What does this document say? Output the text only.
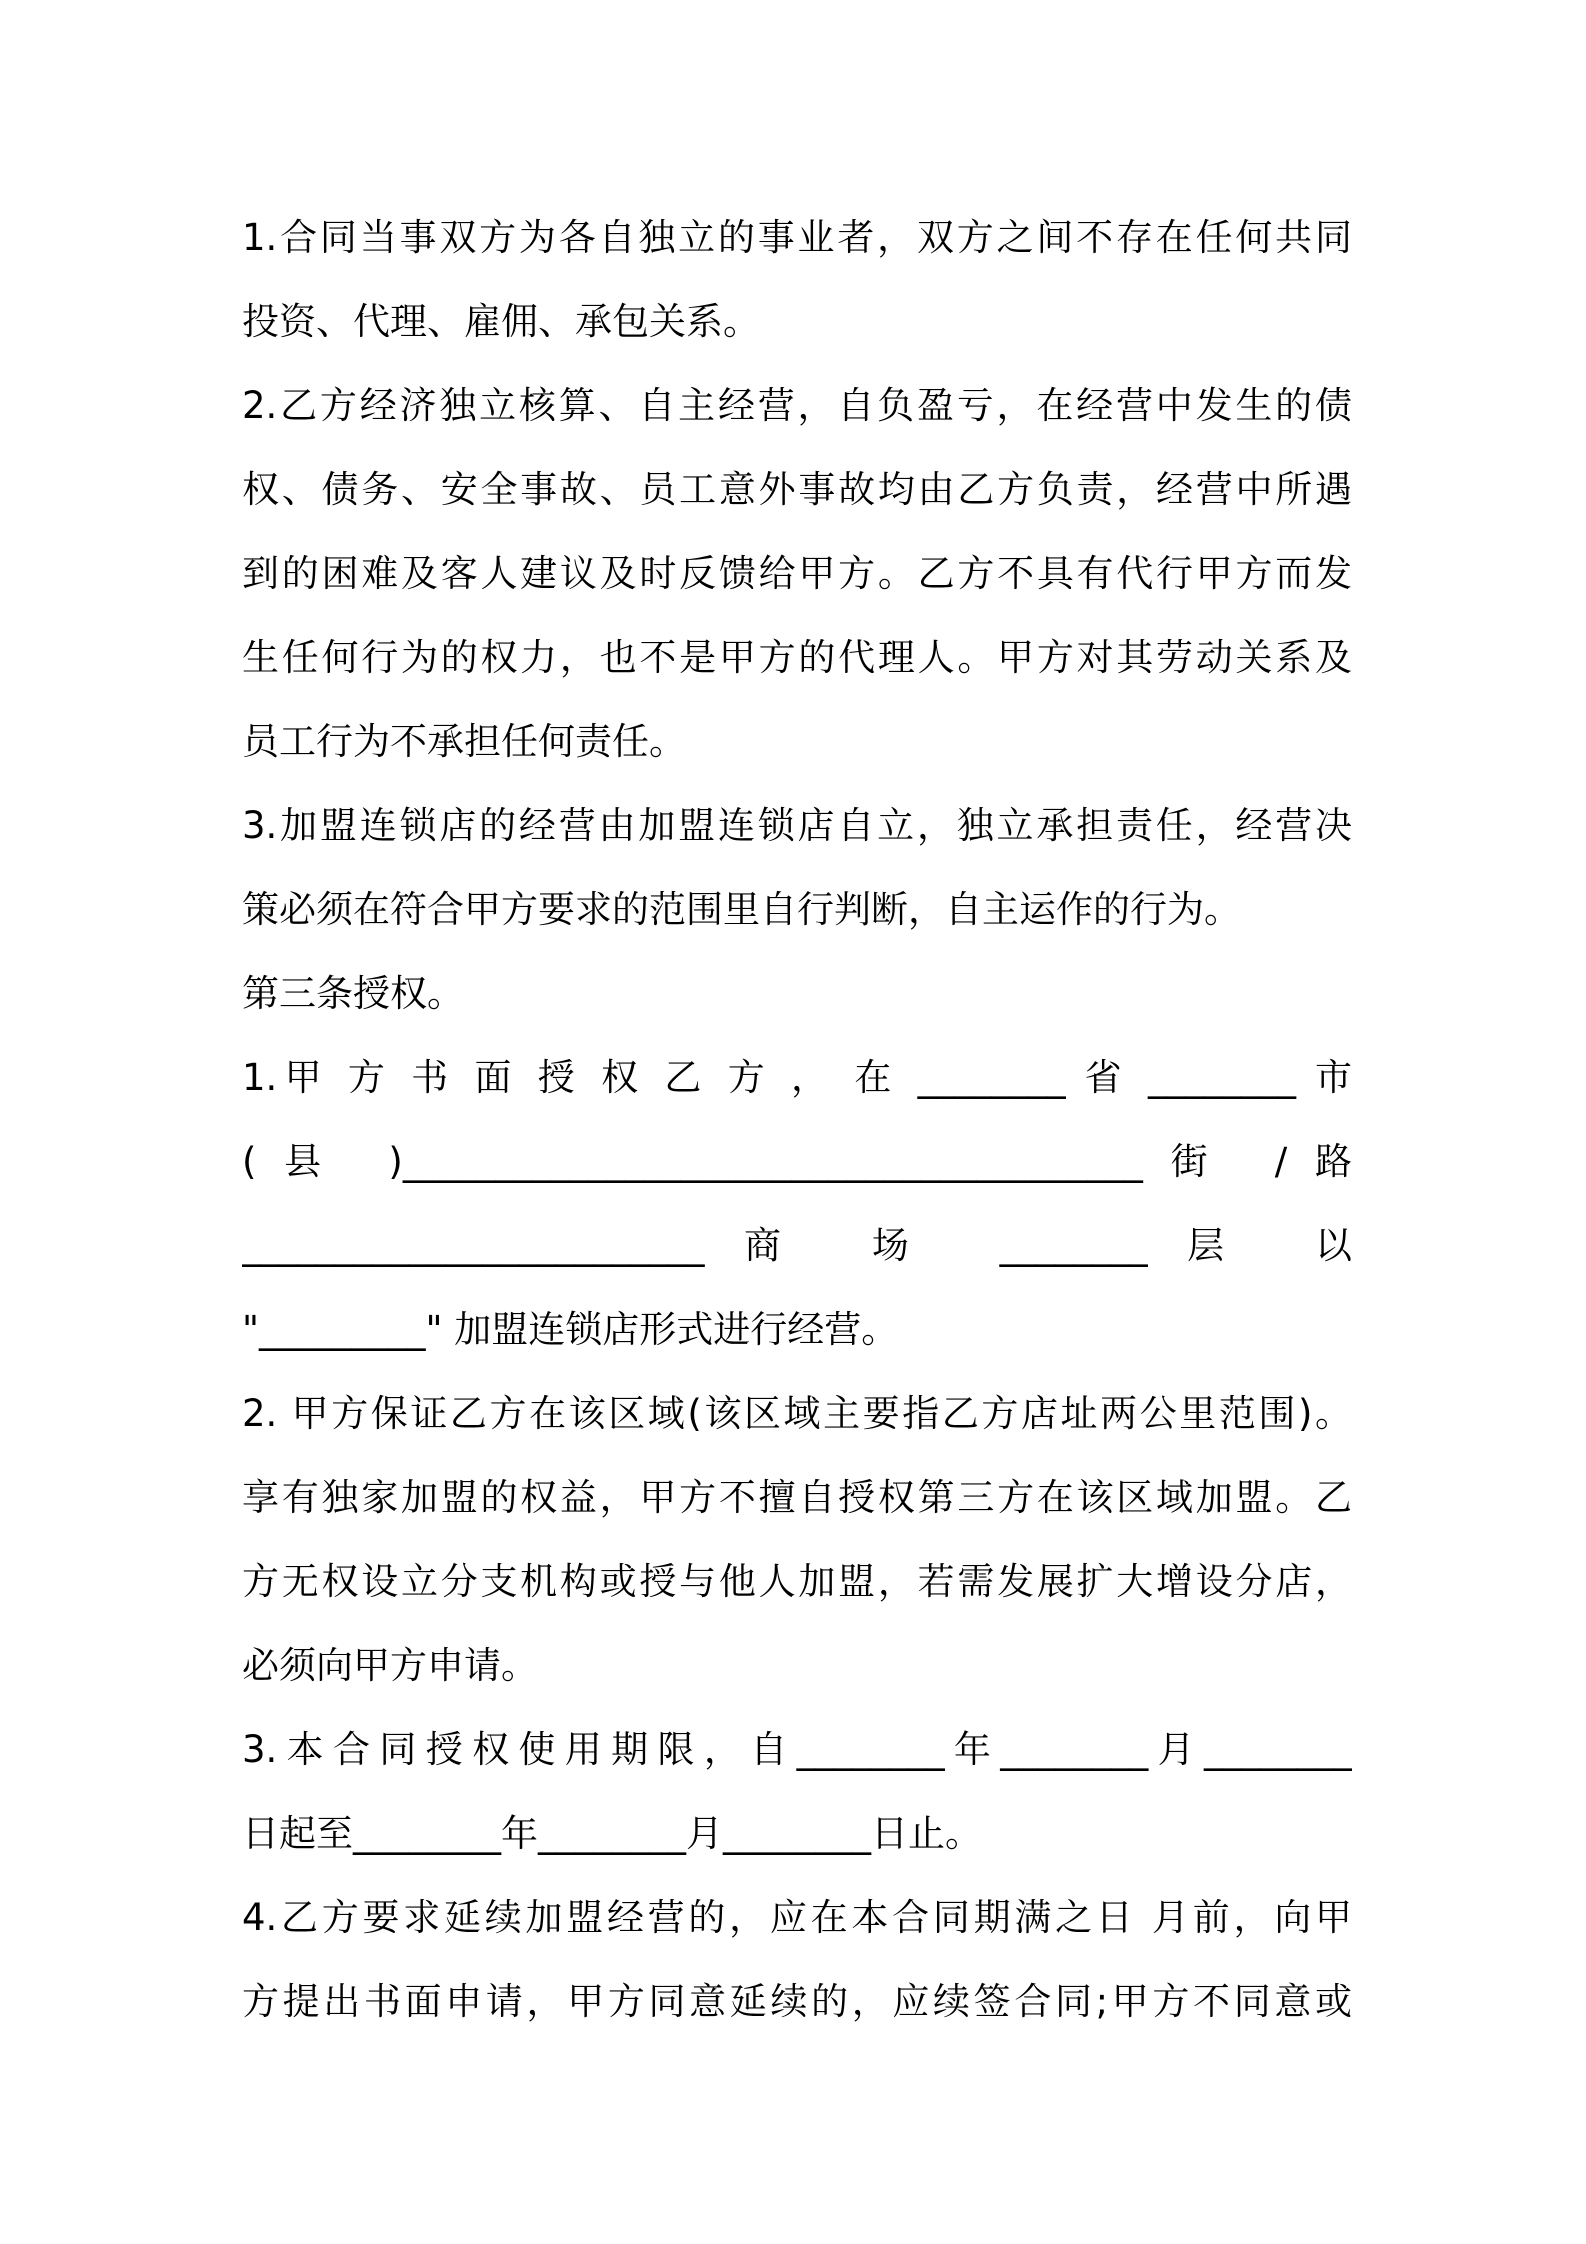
1.合同当事双方为各自独立的事业者，双方之间不存在任何共同
投资、代理、雇佣、承包关系。
2.乙方经济独立核算、自主经营，自负盈亏，在经营中发生的债
权、债务、安全事故、员工意外事故均由乙方负责，经营中所遇
到的困难及客人建议及时反馈给甲方。乙方不具有代行甲方而发
生任何行为的权力，也不是甲方的代理人。甲方对其劳动关系及
员工行为不承担任何责任。
3.加盟连锁店的经营由加盟连锁店自立，独立承担责任，经营决
策必须在符合甲方要求的范围里自行判断，自主运作的行为。
第三条授权。
1.甲 方 书 面 授 权 乙 方 ， 在 ________ 省 ________ 市
(县 )________________________________________街 /路
_________________________商 场 ________层 以
"_________" 加盟连锁店形式进行经营。
2. 甲方保证乙方在该区域(该区域主要指乙方店址两公里范围)。
享有独家加盟的权益，甲方不擅自授权第三方在该区域加盟。乙
方无权设立分支机构或授与他人加盟，若需发展扩大增设分店，
必须向甲方申请。
3.本合同授权使用期限，自________年________月________
日起至________年________月________日止。
4.乙方要求延续加盟经营的，应在本合同期满之日 月前，向甲
方提出书面申请，甲方同意延续的，应续签合同;甲方不同意或
